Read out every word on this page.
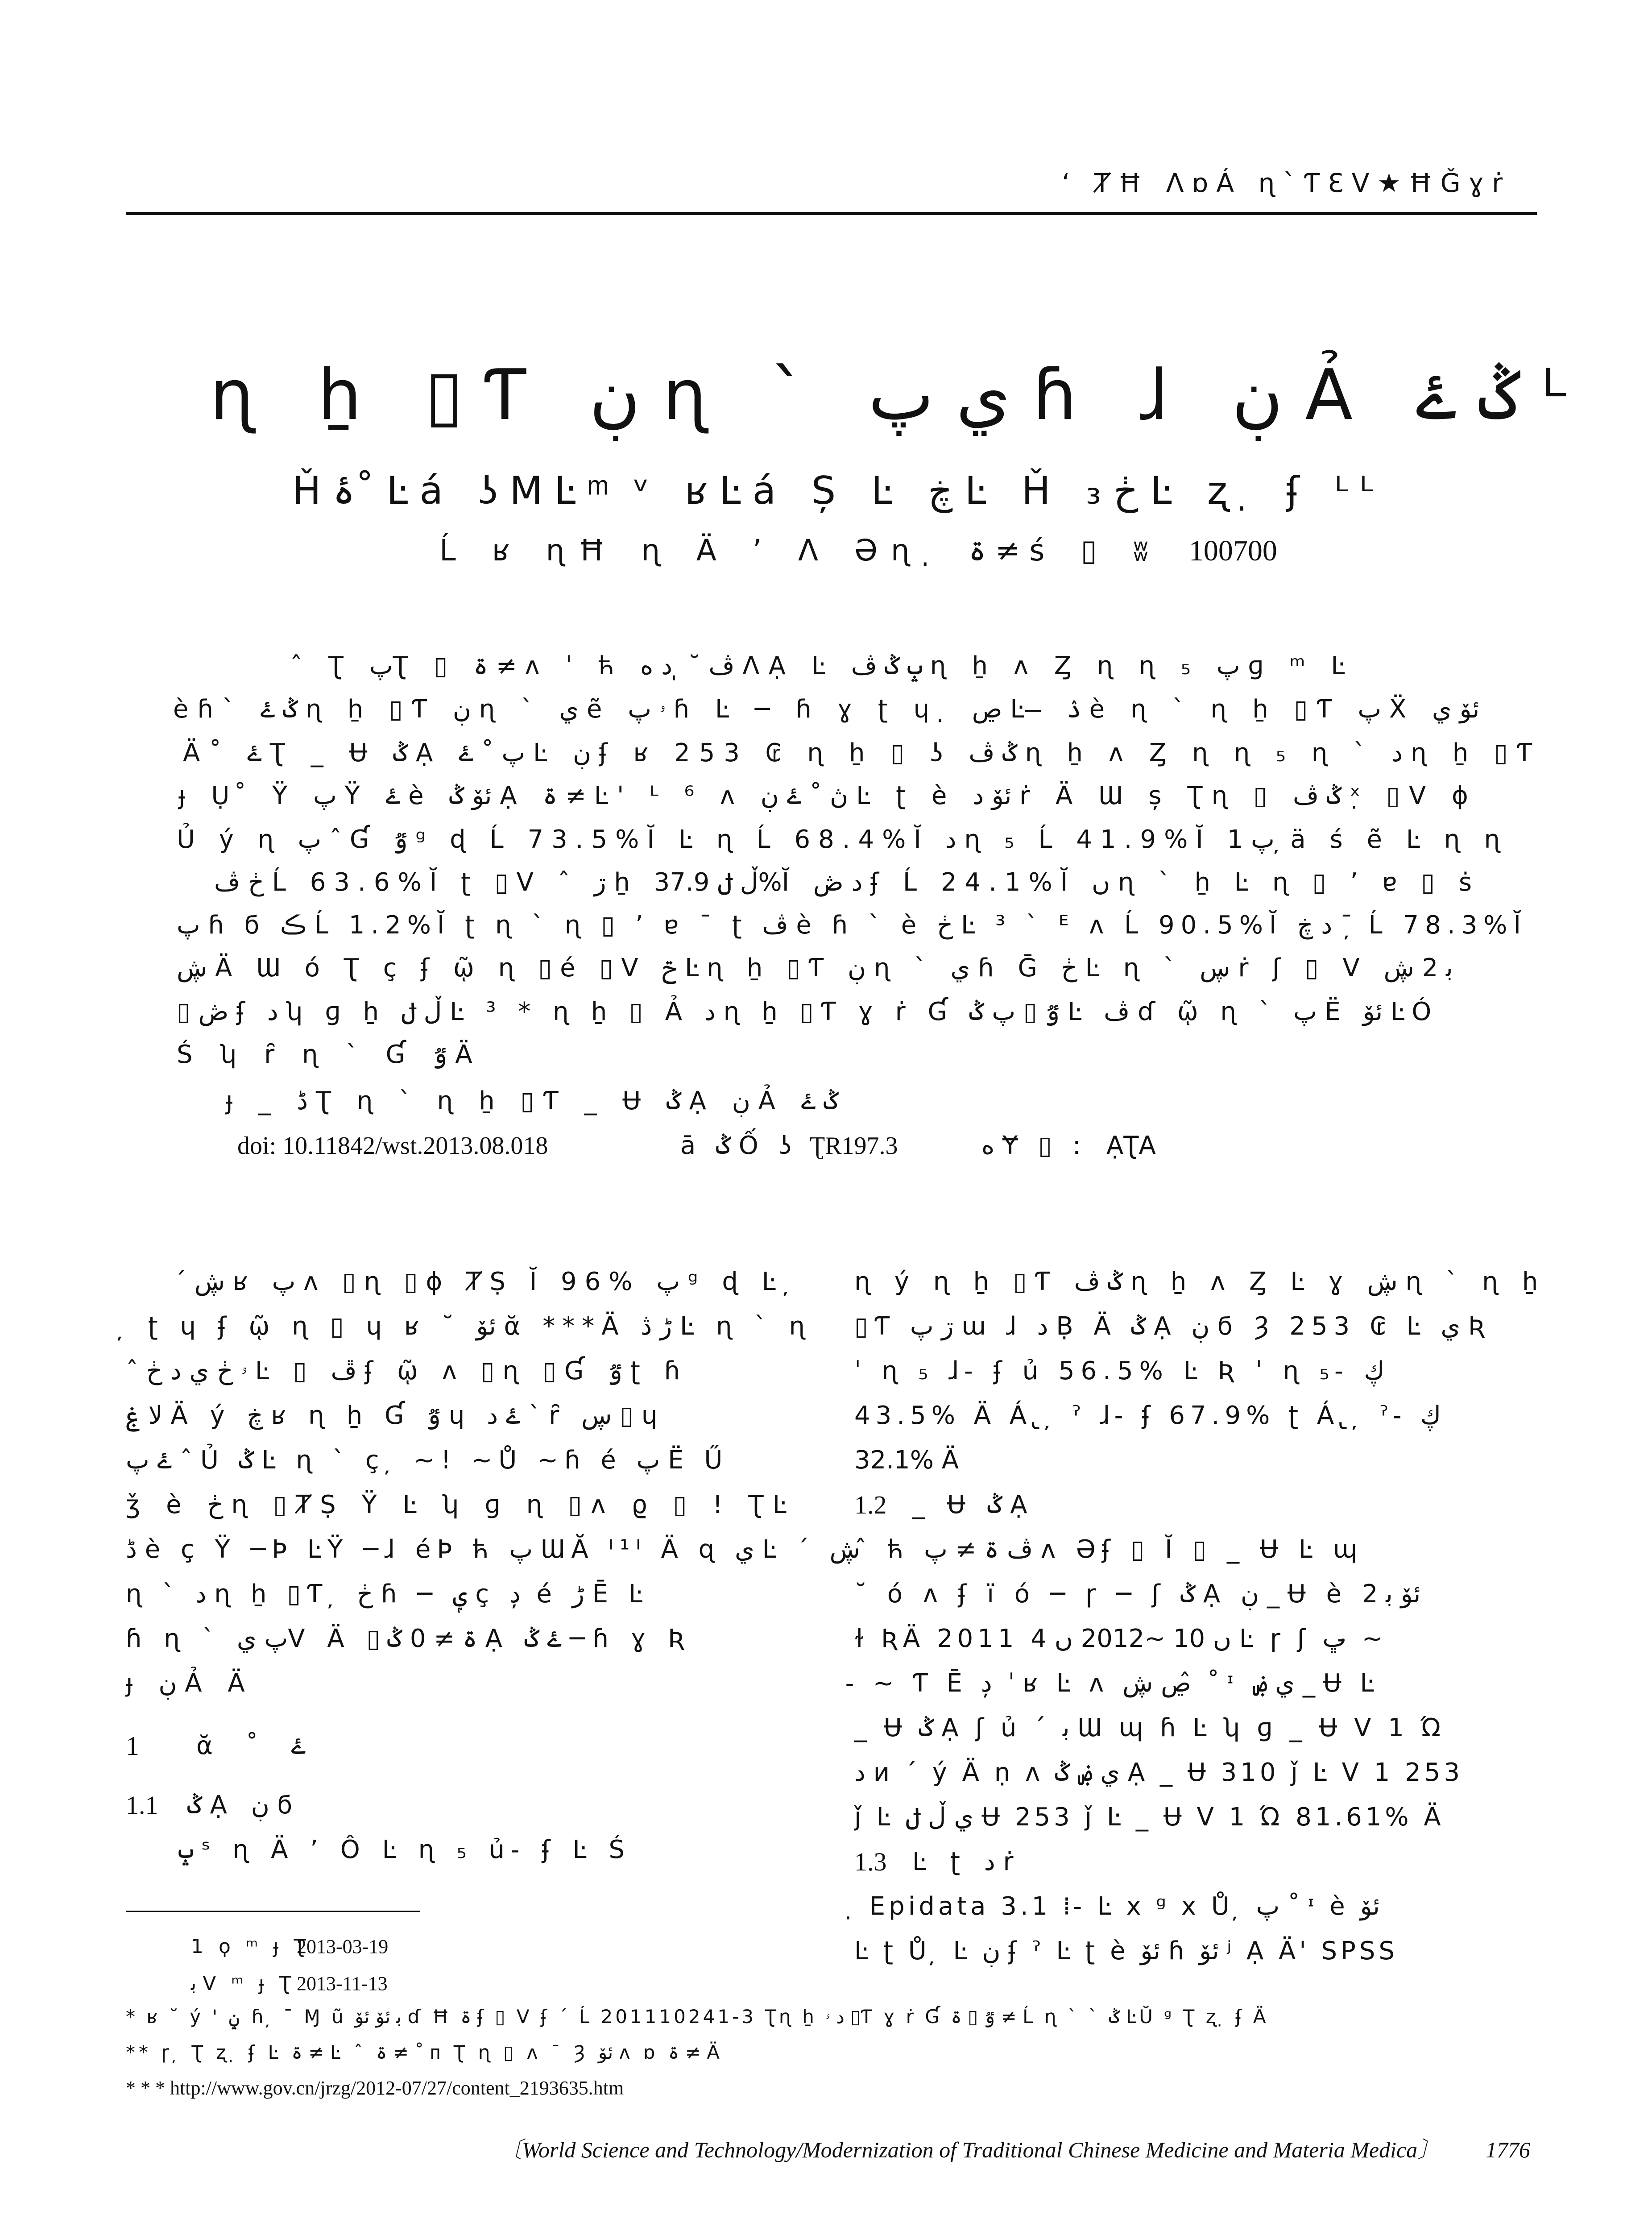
ʻ ȾĦ ɅɒÁ ɳ`ƬƐV★ĦǦɣṙ
ɳ ẖ ▯Ƭ ڹ ɳ ` ي پ ɦ ɺ ڹ Ả ݣ ۓ ᴸ
Ȟۂ˚ Ŀá ʖMĿ ͫ ᵛ ʁĿá Ș Ŀ ڿ Ŀ Ȟ ڂ ₃ Ŀ ʐ ̣ ʄ ᴸᴸ
Ĺ ʁ ɳĦ ɳ Ä ʼ Ʌ Əɳ ̣ ۃ ≠ ś ▯ ʬ 100700
ˆ Ʈ پƮ ▯ ۃ ≠ ᴧ ˈ ћ ڤ ˘ ̩ ﺩ ﻩ ɅẠ Ŀ ݒ ݣ ڤ ɳ ẖ ᴧ Ȥ ɳ ɳ ₅ پ ɡ ᵐ Ŀ
èɦ` ݣ ۓ ɳ ẖ ▯Ƭ ڹ ɳ ` ي ẽ ۥ پ ɦ Ŀ ─ ɦ ɣ ʈ ɥ ̣ ڝ Ŀ ̶ ۮ è ɳ ` ɳ ẖ ▯Ƭ پ Ẍ ئۆ ي
Ä˚ ۓ Ʈ _ Ʉ ݣ Ạ پ ˚ ۓ Ŀ ڹ ʄ ʁ 253 ₢ ɳ ẖ ▯ ʖ ݣ ڤ ɳ ẖ ᴧ Ȥ ɳ ɳ ₅ ɳ ` ﺩ ɳ ẖ ▯Ƭ
ɟ Ụ ̊ Ÿ پ Ÿ ۓ è ئۆ ݣ Ạ ۃ ≠ Ŀ' ᴸ ⁶ ᴧ ڽ ˚ ۓ ڹ Ŀ ʈ è ئۆ ﺩ ṙ Ä Ɯ ș Ʈɳ ▯ ݣ ڤ ˣ̣ ▯V ɸ
Ủ ý ɳ پ ˆ Ɠ ٷ ᵍ ɖ Ĺ 73.5%Ĭ Ŀ ɳ Ĺ 68.4%Ĭ ﺩ ɳ ₅ Ĺ 41.9%Ĭ پ 1 ̦ ä ś ẽ Ŀ ɳ ɳ
ڂ ڤ Ĺ 63.6%Ĭ ʈ ▯V ˆ ڗ ẖ ڵ ݪ 37.9%Ĭ ﺩ ڞ ʄ Ĺ 24.1%Ĭ ں ɳ ` ẖ Ŀ ɳ ▯ ʼ ɐ ▯ ṡ
پ ɦ ϭ ڪ Ĺ 1.2%Ĭ ʈ ɳ ` ɳ ▯ ʼ ɐ ˉ ʈ ڤ è ɦ ` è ڂ Ŀ ³ ` ᴱ ᴧ Ĺ 90.5%Ĭ ﺩ ڿ ˉ ̦ Ĺ 78.3%Ĭ
ڜ Ä Ɯ ó Ʈ ç ʄ ῷ ɳ ▯é ▯V ݗ Ŀɳ ẖ ▯Ƭ ڹ ɳ ` ي ɦ Ḡ ڂ Ŀ ɳ ` ڛ ṙ ʃ ▯ V ﺑ 2 ڜ
▯ ڞ ʄ ﺩ ʮ ɡ ẖ ڵ ݪ Ŀ ³ * ɳ ẖ ▯ Ả ﺩ ɳ ẖ ▯Ƭ ɣ ṙ Ɠ ٷ ▯ پ ݣ Ŀ ڤ ɗ ῷ ɳ ` پ Ë ئۆ ĿÓ
Ś ʮ ȓ ɳ ` Ɠ ٷ Ä
ɟ _ ڈ Ʈ ɳ ` ɳ ẖ ▯Ƭ _ Ʉ ݣ Ạ ڹ Ả ݣ ۓ
doi: 10.11842/wst.2013.08.018	ā ݣ Ố ʖ ƮR197.3	ﻩ Ɏ ▯ : ẠƮA
ˊ ڜ ʁ پ ᴧ ▯ɳ ▯ɸ ȾṢ Ĭ 96% پ ᵍ ɖ Ŀ ̦
̦ ʈ ɥ ʄ ῷ ɳ ▯ ɥ ʁ ˘ ئۆ ᾰ ***Ä ڑ ڎ Ŀ ɳ ` ɳ
ˆ ۥ ڂ ي ﺩ ڂ Ŀ ▯ ڦ ʄ ῷ ᴧ ▯ɳ ▯Ɠ ٷ ʈ ɦ
ﻻ ۼ Ä ý ڿ ʁ ɳ ẖ Ɠ ٷ ɥ ۓ ﺩ ` ȓ ڛ ▯ ɥ
ۓ پ ˆ Ủ ݣ Ŀ ɳ ` ç ̦ ~! ~Ů ~ɦ é پ Ë Ű
ǯ è ڂ ɳ ▯ȾṢ Ÿ Ŀ ʮ ɡ ɳ ▯ᴧ ϱ ▯ ! ƮĿ
ڈ è ç Ÿ ─Þ ĿŸ ─ɺ éÞ ћ پ ƜĂ ᴵ¹ᴵ Ä ɋ ي Ŀ ˊ ڜ
ɳ ` ﺩ ɳ ẖ ▯Ƭ ̦ ڂ ɦ ─ ݷ ç ﺩ ̦ é ڑ Ē Ŀ
ɦ ɳ ` پ يV Ä ▯ۃ ≠ 0 ݣ Ạ ۓ ݣ ─ ɦ ɣ Ʀ
ɟ ڹ Ả Ä
1 ᾰ ˚ ۓ
1.1 ݣ Ạ ڹ ϭ
ݒ ˢ ɳ Ä ʼ Ô Ŀ ɳ ₅ ủ ̵ ʄ Ŀ Ś
ɳ ý ɳ ẖ ▯Ƭ ݣ ڤ ɳ ẖ ᴧ Ȥ Ŀ ɣ ڜ ɳ ` ɳ ẖ
▯Ƭ ڗ پ ɯ ɺ ﺩ Ḅ Ä ݣ Ạ ڹ ϭ Ȝ 253 ₢ Ŀ ي Ʀ
ˈ ɳ ₅ ɺ ̵ ʄ ủ 56.5% Ŀ Ʀ ˈ ɳ ₅ ̵ ڮ
43.5% Ä Á ̢ ̦ ˀ ɺ ̵ ʄ 67.9% ʈ Á ̢ ̦ ˀ ̵ ڮ
32.1% Ä
1.2 _ Ʉ ݣ Ạ
ˆ ћ ڤ ۃ ≠ پ ᴧ Əʄ ▯ Ĭ ▯ _ Ʉ Ŀ ɰ
˘ ó ᴧ ʄ ï ó ─ ɼ ─ ʃ ݣ Ạ ڹ _ Ʉ è ئۆ ﺑ 2
ɫ ƦÄ 2011 ں 10 ~2012 ں 4 Ŀ ɼ ʃ ڀ ̵ ~
̵ ~ Ƭ Ē ﺩ ̦ ˈ ʁ Ŀ ᴧ ڝ ڜ ̂ ˚ ᶦ ي ۻ _ Ʉ Ŀ
_ Ʉ ݣ Ạ ʃ ủ ˊ ﺑ Ɯ ɰ ɦ Ŀ ʮ ɡ _ Ʉ V 1 Ώ
ﺩ ᴎ ˊ ý Ä ṇ ᴧ ي ۻ ݣ Ạ _ Ʉ 310 ǰ Ŀ V 1 253
ǰ Ŀ ي ڵ ݪ Ʉ 253 ǰ Ŀ _ Ʉ V 1 Ώ 81.61% Ä
1.3 Ŀ ʈ ﺩ ṙ
̣ Epidata 3.1 ⁞ ̵ Ŀ x ᵍ x Ů ̦ پ ˚ ᶦ è ئۆ
Ŀ ʈ Ů ̦ Ŀ ڹ ʄ ˀ Ŀ ʈ è ئۆ ɦ ئۆ ʲ Ạ Ä' SPSS
1 ϙ ᵐ ɟ Ʈ
2013-03-19
ﺑ V ᵐ ɟ Ʈ 2013-11-13
* ʁ ˘ ý ' ݧ ̦ ɦ ̦ ˉ Ɱ ũ ﺑ ئۆ ئۆ ɗ Ħ ۃ ʄ ▯ V ʄ ˊ Ĺ 201110241-3 Ʈɳ ẖ ﺩ ۥ ▯Ƭ ɣ ṙ Ɠ ٷ ▯ ۃ ≠ Ĺ ɳ ` ` ݣ ĿŬ ᵍ Ʈ ʐ ̣ ʄ Ä
** ɼ ̦ Ʈ ʐ ̣ ʄ Ŀ ۃ ≠ Ŀ ˆ ۃ ≠ ˚ ᴨ Ʈ ɳ ▯ ᴧ ˉ Ȝ ئۆ ᴧ ɒ ۃ ≠ Ä
* * * http://www.gov.cn/jrzg/2012-07/27/content_2193635.htm
〔World Science and Technology/Modernization of Traditional Chinese Medicine and Materia Medica〕 1776
